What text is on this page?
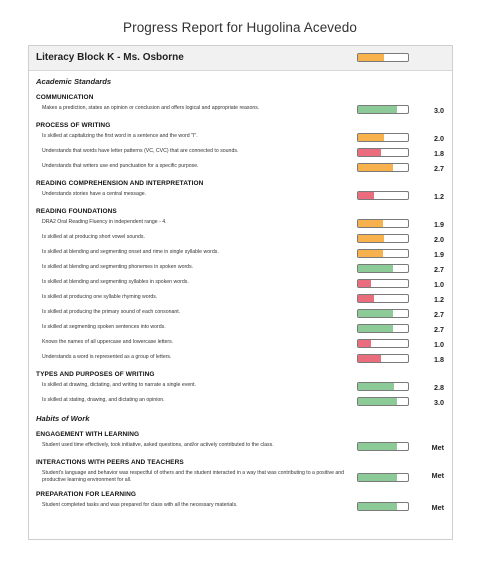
Progress Report for Hugolina Acevedo
Literacy Block K - Ms. Osborne
Academic Standards
COMMUNICATION
Makes a prediction, states an opinion or conclusion and offers logical and appropriate reasons.	3.0
PROCESS OF WRITING
Is skilled at capitalizing the first word in a sentence and the word "I".	2.0
Understands that words have letter patterns (VC, CVC) that are connected to sounds.	1.8
Understands that writers use end punctuation for a specific purpose.	2.7
READING COMPREHENSION AND INTERPRETATION
Understands stories have a central message.	1.2
READING FOUNDATIONS
DRA2 Oral Reading Fluency in independent range - 4.	1.9
Is skilled at at producing short vowel sounds.	2.0
Is skilled at blending and segmenting onset and rime in single syllable words.	1.9
Is skilled at blending and segmenting phonemes in spoken words.	2.7
Is skilled at blending and segmenting syllables in spoken words.	1.0
Is skilled at producing one syllable rhyming words.	1.2
Is skilled at producing the primary sound of each consonant.	2.7
Is skilled at segmenting spoken sentences into words.	2.7
Knows the names of all uppercase and lowercase letters.	1.0
Understands a word is represented as a group of letters.	1.8
TYPES AND PURPOSES OF WRITING
Is skilled at drawing, dictating, and writing to narrate a single event.	2.8
Is skilled at stating, drawing, and dictating an opinion.	3.0
Habits of Work
ENGAGEMENT WITH LEARNING
Student used time effectively, took initiative, asked questions, and/or actively contributed to the class.	Met
INTERACTIONS WITH PEERS AND TEACHERS
Student's language and behavior was respectful of others and the student interacted in a way that was contributing to a positive and productive learning environment for all.
Met
PREPARATION FOR LEARNING
Student completed tasks and was prepared for class with all the necessary materials.	Met
